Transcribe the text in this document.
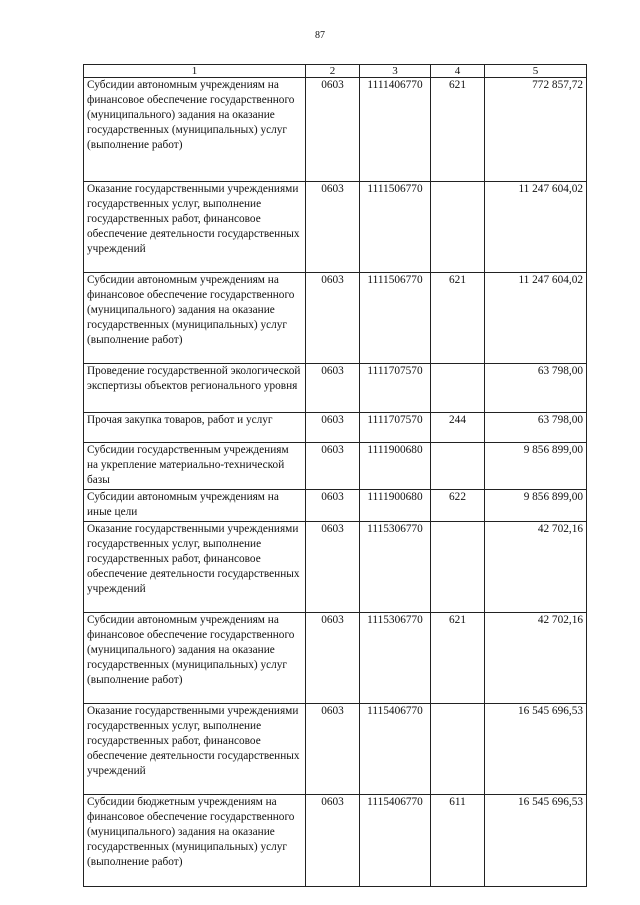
87
1	2	3	4	5
Субсидии автономным учреждениям на финансовое обеспечение государственного (муниципального) задания на оказание государственных (муниципальных) услуг (выполнение работ)	0603	1111406770	621	772 857,72
Оказание государственными учреждениями государственных услуг, выполнение государственных работ, финансовое обеспечение деятельности государственных учреждений	0603	1111506770		11 247 604,02
Субсидии автономным учреждениям на финансовое обеспечение государственного (муниципального) задания на оказание государственных (муниципальных) услуг (выполнение работ)	0603	1111506770	621	11 247 604,02
Проведение государственной экологической экспертизы объектов регионального уровня	0603	1111707570		63 798,00
Прочая закупка товаров, работ и услуг	0603	1111707570	244	63 798,00
Субсидии государственным учреждениям на укрепление материально-технической базы	0603	1111900680		9 856 899,00
Субсидии автономным учреждениям на иные цели	0603	1111900680	622	9 856 899,00
Оказание государственными учреждениями государственных услуг, выполнение государственных работ, финансовое обеспечение деятельности государственных учреждений	0603	1115306770		42 702,16
Субсидии автономным учреждениям на финансовое обеспечение государственного (муниципального) задания на оказание государственных (муниципальных) услуг (выполнение работ)	0603	1115306770	621	42 702,16
Оказание государственными учреждениями государственных услуг, выполнение государственных работ, финансовое обеспечение деятельности государственных учреждений	0603	1115406770		16 545 696,53
Субсидии бюджетным учреждениям на финансовое обеспечение государственного (муниципального) задания на оказание государственных (муниципальных) услуг (выполнение работ)	0603	1115406770	611	16 545 696,53
